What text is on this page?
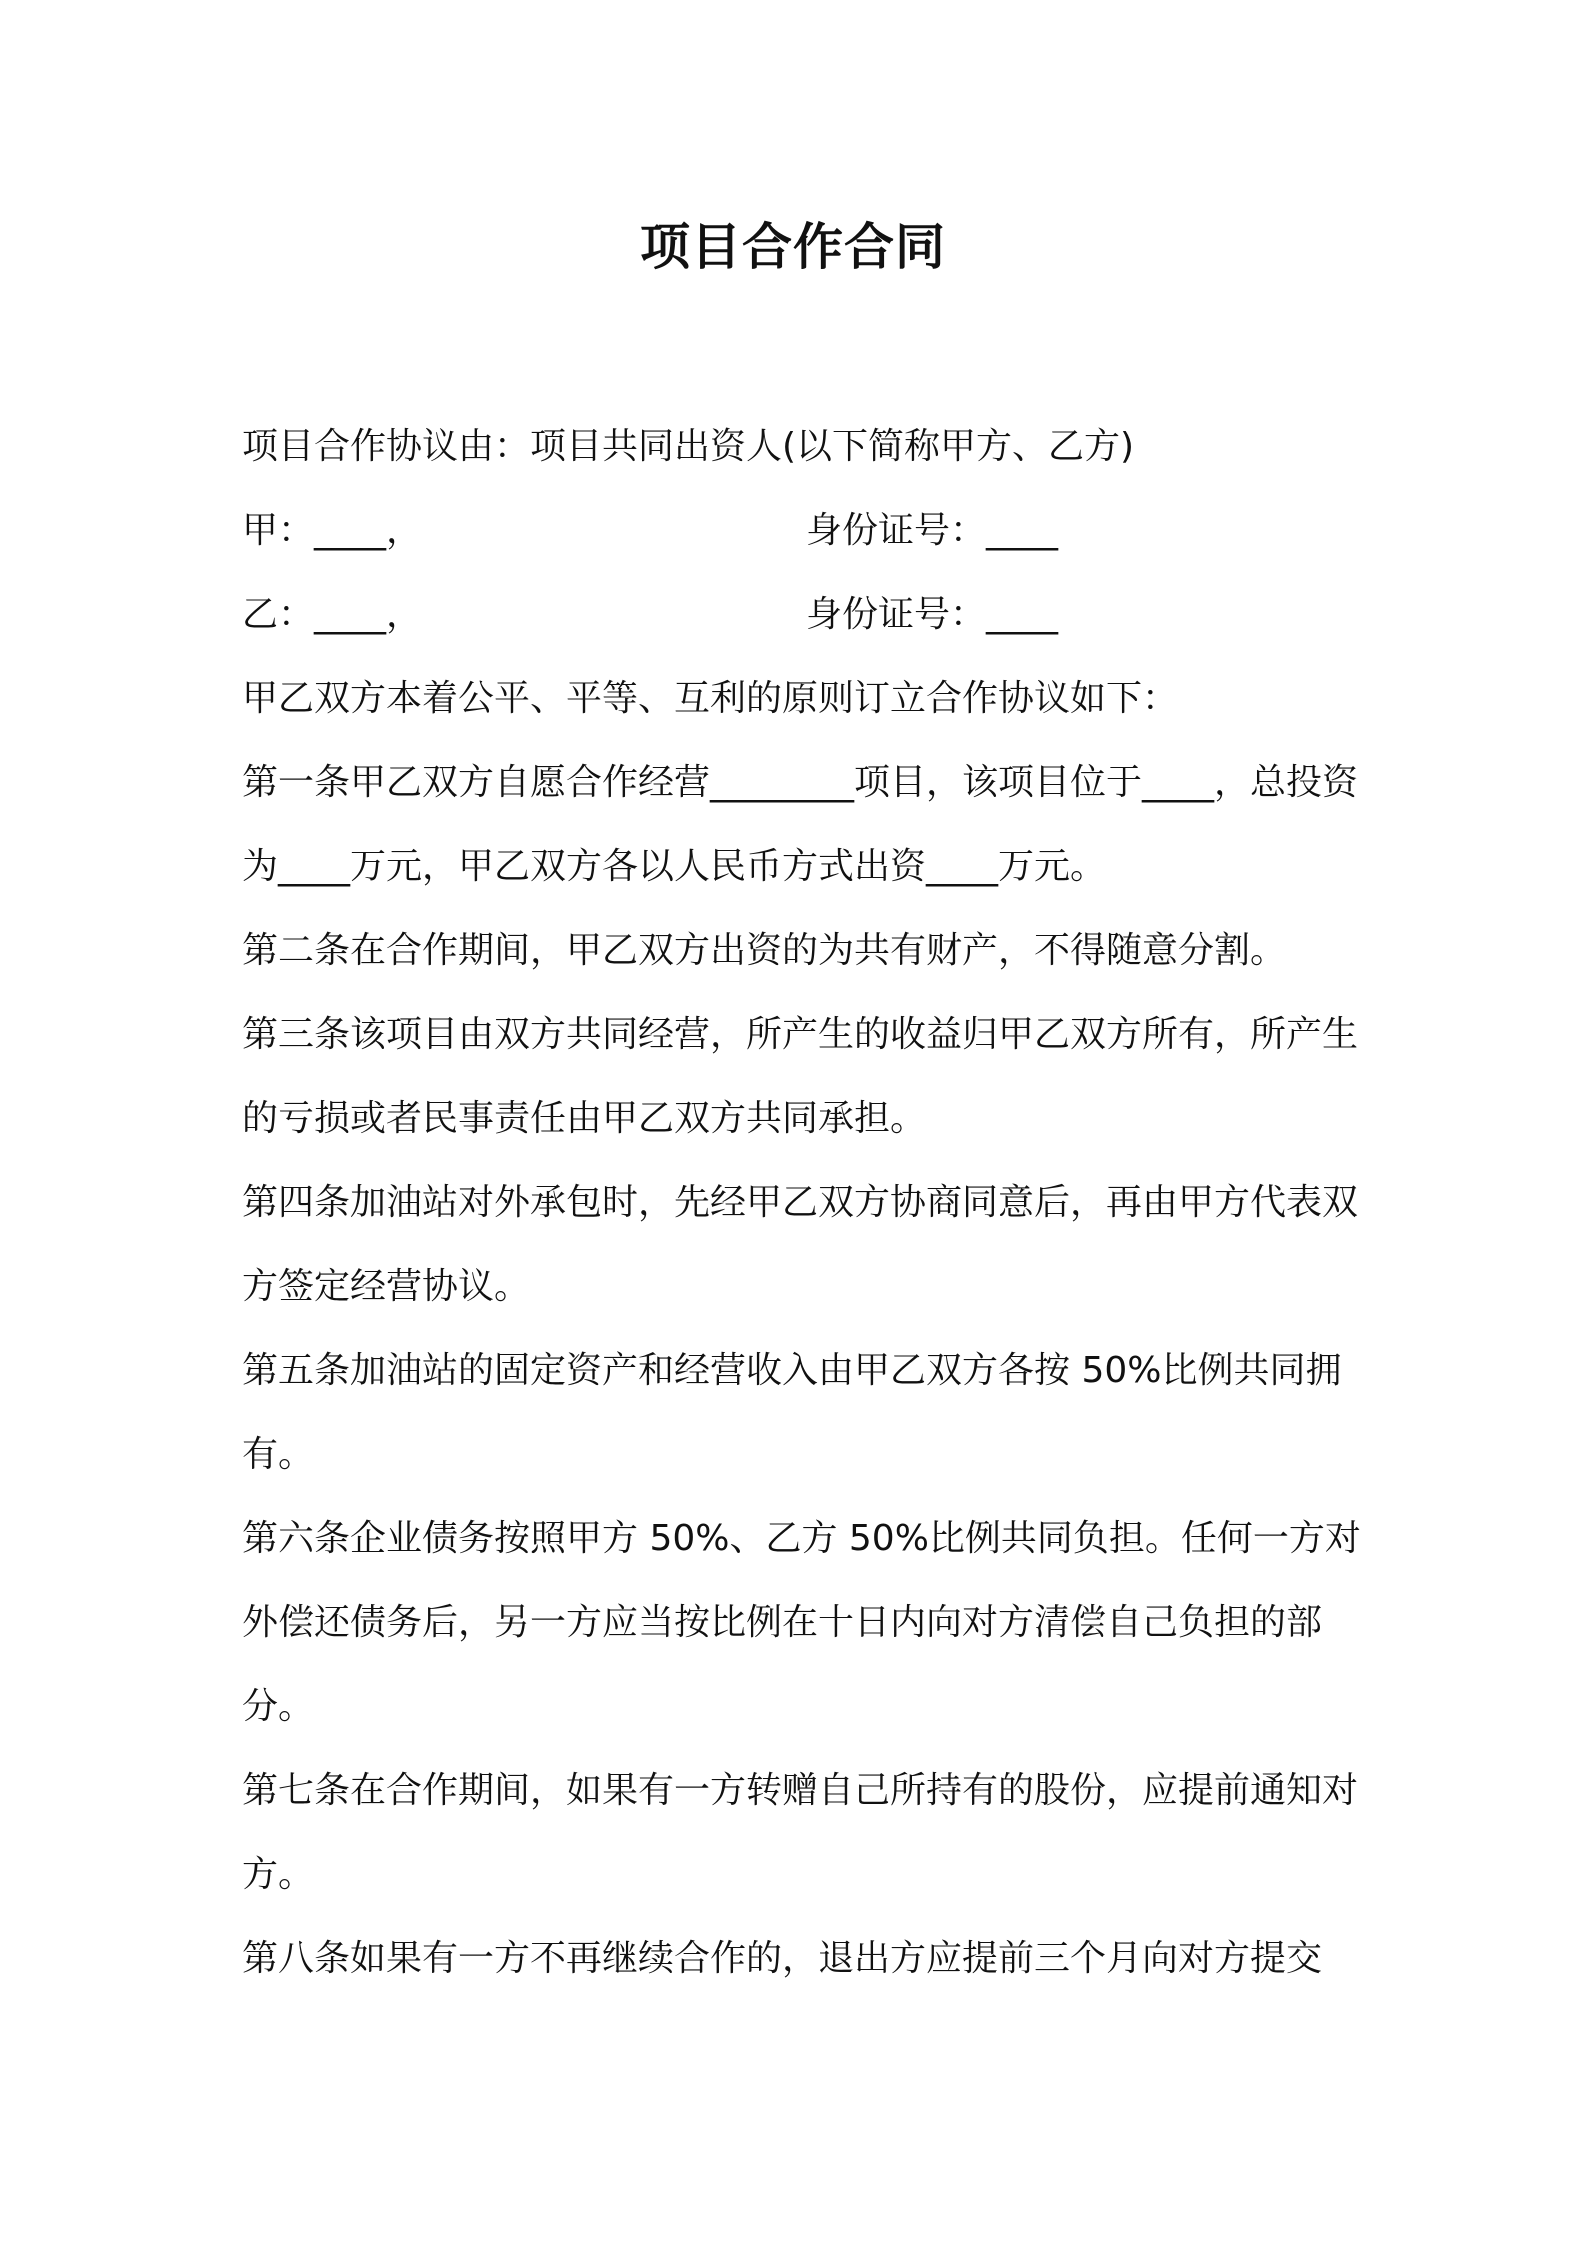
项目合作合同

项目合作协议由：项目共同出资人(以下简称甲方、乙方)

甲：____，	身份证号：____
乙：____，	身份证号：____

甲乙双方本着公平、平等、互利的原则订立合作协议如下：

第一条甲乙双方自愿合作经营________项目，该项目位于____，总投资为____万元，甲乙双方各以人民币方式出资____万元。

第二条在合作期间，甲乙双方出资的为共有财产，不得随意分割。

第三条该项目由双方共同经营，所产生的收益归甲乙双方所有，所产生的亏损或者民事责任由甲乙双方共同承担。

第四条加油站对外承包时，先经甲乙双方协商同意后，再由甲方代表双方签定经营协议。

第五条加油站的固定资产和经营收入由甲乙双方各按 50%比例共同拥有。

第六条企业债务按照甲方 50%、乙方 50%比例共同负担。任何一方对外偿还债务后，另一方应当按比例在十日内向对方清偿自己负担的部分。

第七条在合作期间，如果有一方转赠自己所持有的股份，应提前通知对方。

第八条如果有一方不再继续合作的，退出方应提前三个月向对方提交
